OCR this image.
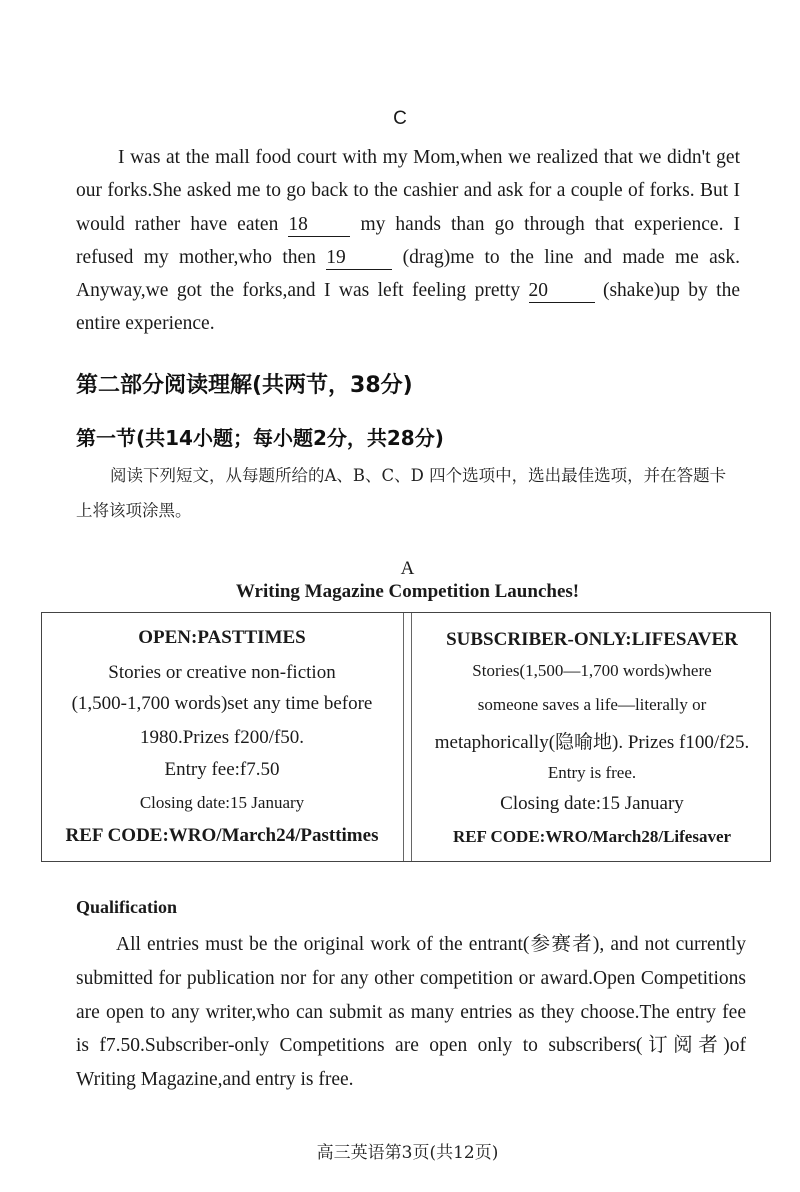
C
I was at the mall food court with my Mom,when we realized that we didn't get our forks.She asked me to go back to the cashier and ask for a couple of forks. But I would rather have eaten 18	my hands than go through that experience. I refused my mother,who then 19	(drag)me to the line and made me ask. Anyway,we got the forks,and I was left feeling pretty 20	(shake)up by the entire experience.
第二部分阅读理解(共两节，38分)
第一节(共14小题；每小题2分，共28分)
阅读下列短文，从每题所给的A、B、C、D 四个选项中，选出最佳选项，并在答题卡上将该项涂黑。
A
Writing Magazine Competition Launches!
OPEN:PASTTIMES
Stories or creative non-fiction
(1,500-1,700 words)set any time before
1980.Prizes f200/f50.
Entry fee:f7.50
Closing date:15 January
REF CODE:WRO/March24/Pasttimes
SUBSCRIBER-ONLY:LIFESAVER
Stories(1,500—1,700 words)where
someone saves a life—literally or
metaphorically(隐喻地). Prizes f100/f25.
Entry is free.
Closing date:15 January
REF CODE:WRO/March28/Lifesaver
Qualification
All entries must be the original work of the entrant(参赛者), and not currently submitted for publication nor for any other competition or award.Open Competitions are open to any writer,who can submit as many entries as they choose.The entry fee is f7.50.Subscriber-only Competitions are open only to subscribers(订阅者)of Writing Magazine,and entry is free.
高三英语第3页(共12页)
